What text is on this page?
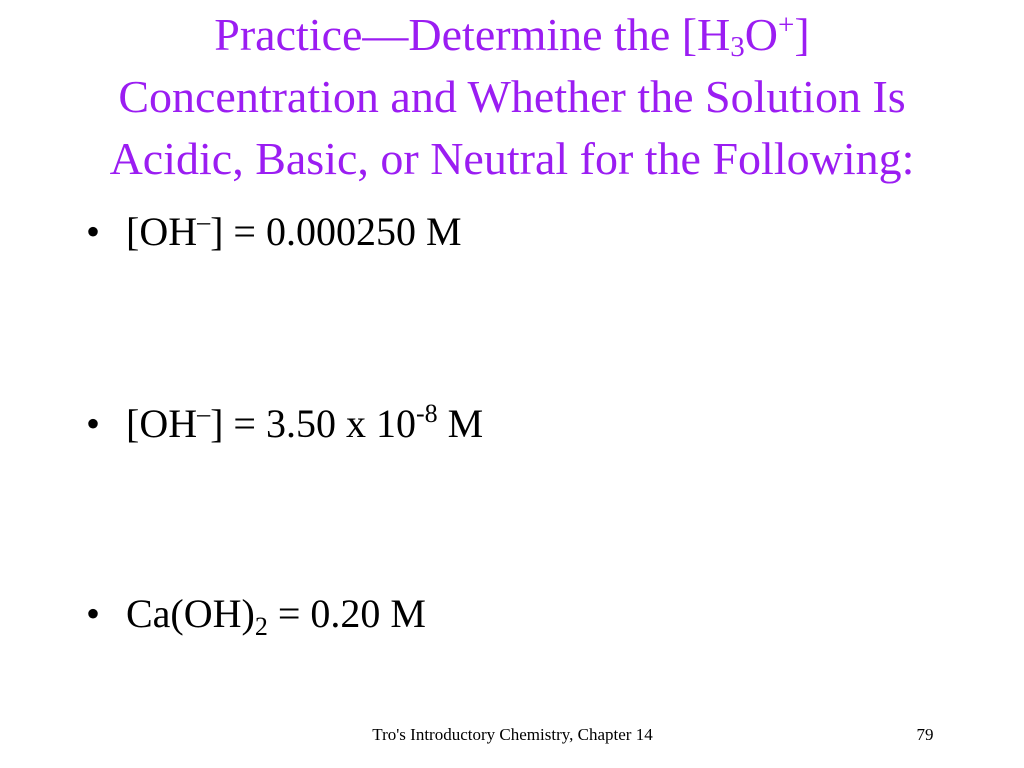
Practice—Determine the $[H_3O^+]$
Concentration and Whether the Solution Is
Acidic, Basic, or Neutral for the Following:
• [OH–] = 0.000250 M
• [OH–] = 3.50 x $10^{-8}$ M
• $Ca(OH)_2 = 0.20$ M
Tro's Introductory Chemistry, Chapter 14	79
